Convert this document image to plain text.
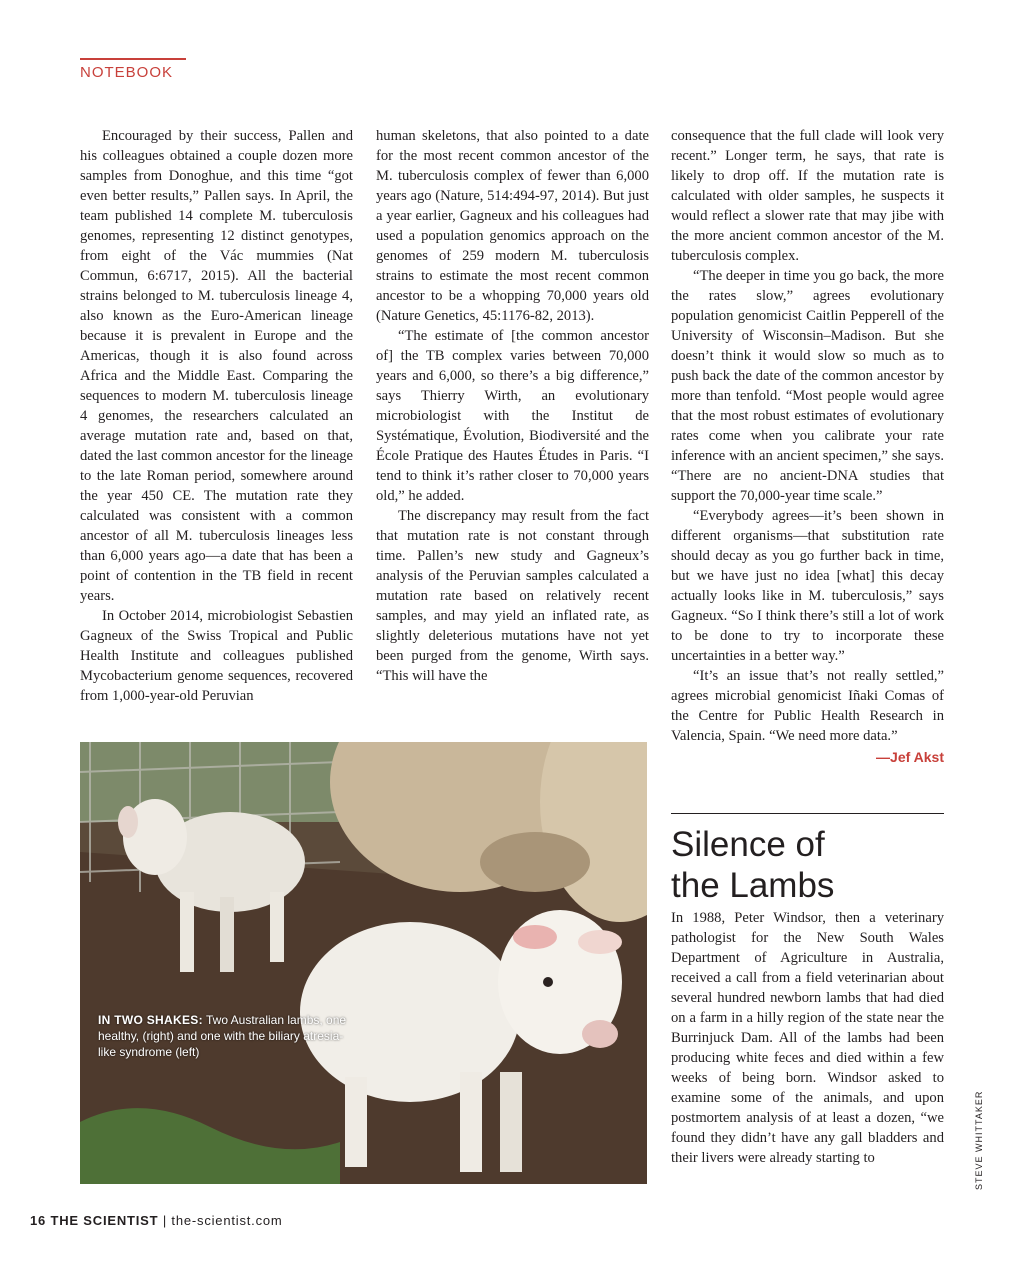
NOTEBOOK

Encouraged by their success, Pallen and his colleagues obtained a couple dozen more samples from Donoghue, and this time “got even better results,” Pallen says. In April, the team published 14 complete M. tuberculosis genomes, representing 12 distinct genotypes, from eight of the Vác mummies (Nat Commun, 6:6717, 2015). All the bacterial strains belonged to M. tuberculosis lineage 4, also known as the Euro-American lineage because it is prevalent in Europe and the Americas, though it is also found across Africa and the Middle East. Comparing the sequences to modern M. tuberculosis lineage 4 genomes, the researchers calculated an average mutation rate and, based on that, dated the last common ancestor for the lineage to the late Roman period, somewhere around the year 450 CE. The mutation rate they calculated was consistent with a common ancestor of all M. tuberculosis lineages less than 6,000 years ago—a date that has been a point of contention in the TB field in recent years.

In October 2014, microbiologist Sebastien Gagneux of the Swiss Tropical and Public Health Institute and colleagues published Mycobacterium genome sequences, recovered from 1,000-year-old Peruvian

human skeletons, that also pointed to a date for the most recent common ancestor of the M. tuberculosis complex of fewer than 6,000 years ago (Nature, 514:494-97, 2014). But just a year earlier, Gagneux and his colleagues had used a population genomics approach on the genomes of 259 modern M. tuberculosis strains to estimate the most recent common ancestor to be a whopping 70,000 years old (Nature Genetics, 45:1176-82, 2013).

“The estimate of [the common ancestor of] the TB complex varies between 70,000 years and 6,000, so there’s a big difference,” says Thierry Wirth, an evolutionary microbiologist with the Institut de Systématique, Évolution, Biodiversité and the École Pratique des Hautes Études in Paris. “I tend to think it’s rather closer to 70,000 years old,” he added.

The discrepancy may result from the fact that mutation rate is not constant through time. Pallen’s new study and Gagneux’s analysis of the Peruvian samples calculated a mutation rate based on relatively recent samples, and may yield an inflated rate, as slightly deleterious mutations have not yet been purged from the genome, Wirth says. “This will have the

consequence that the full clade will look very recent.” Longer term, he says, that rate is likely to drop off. If the mutation rate is calculated with older samples, he suspects it would reflect a slower rate that may jibe with the more ancient common ancestor of the M. tuberculosis complex.

“The deeper in time you go back, the more the rates slow,” agrees evolutionary population genomicist Caitlin Pepperell of the University of Wisconsin–Madison. But she doesn’t think it would slow so much as to push back the date of the common ancestor by more than tenfold. “Most people would agree that the most robust estimates of evolutionary rates come when you calibrate your rate inference with an ancient specimen,” she says. “There are no ancient-DNA studies that support the 70,000-year time scale.”

“Everybody agrees—it’s been shown in different organisms—that substitution rate should decay as you go further back in time, but we have just no idea [what] this decay actually looks like in M. tuberculosis,” says Gagneux. “So I think there’s still a lot of work to be done to try to incorporate these uncertainties in a better way.”

“It’s an issue that’s not really settled,” agrees microbial genomicist Iñaki Comas of the Centre for Public Health Research in Valencia, Spain. “We need more data.”

—Jef Akst
IN TWO SHAKES: Two Australian lambs, one healthy, (right) and one with the biliary atresia-like syndrome (left)
Silence of
the Lambs

In 1988, Peter Windsor, then a veterinary pathologist for the New South Wales Department of Agriculture in Australia, received a call from a field veterinarian about several hundred newborn lambs that had died on a farm in a hilly region of the state near the Burrinjuck Dam. All of the lambs had been producing white feces and died within a few weeks of being born. Windsor asked to examine some of the animals, and upon postmortem analysis of at least a dozen, “we found they didn’t have any gall bladders and their livers were already starting to	STEVE WHITTAKER
16 THE SCIENTIST | the-scientist.com
